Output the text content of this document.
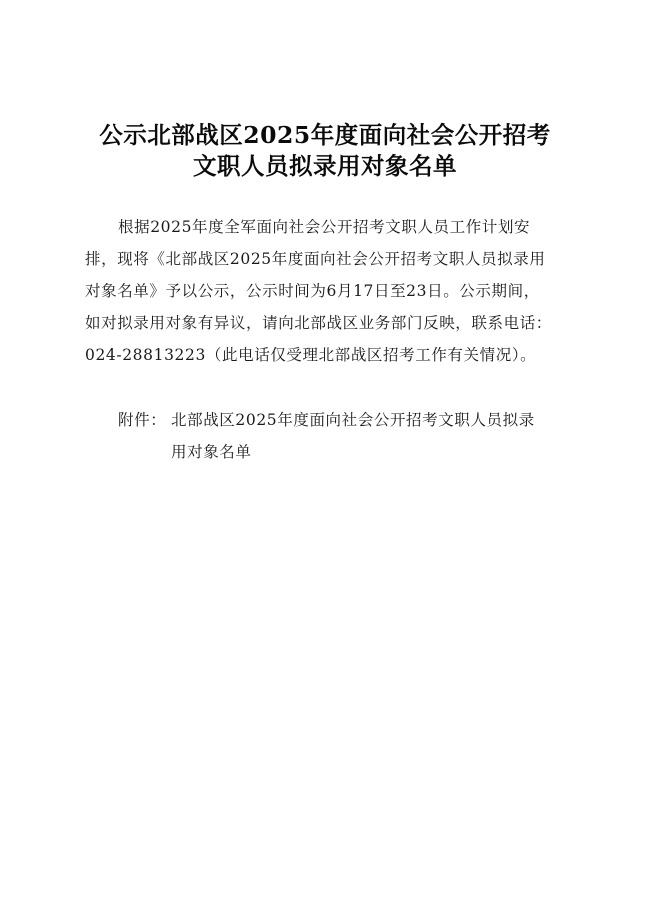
公示北部战区2025年度面向社会公开招考
文职人员拟录用对象名单
根据2025年度全军面向社会公开招考文职人员工作计划安
排，现将《北部战区2025年度面向社会公开招考文职人员拟录用
对象名单》予以公示，公示时间为6月17日至23日。公示期间，
如对拟录用对象有异议，请向北部战区业务部门反映，联系电话：
024-28813223（此电话仅受理北部战区招考工作有关情况）。
附件： 北部战区2025年度面向社会公开招考文职人员拟录
用对象名单
